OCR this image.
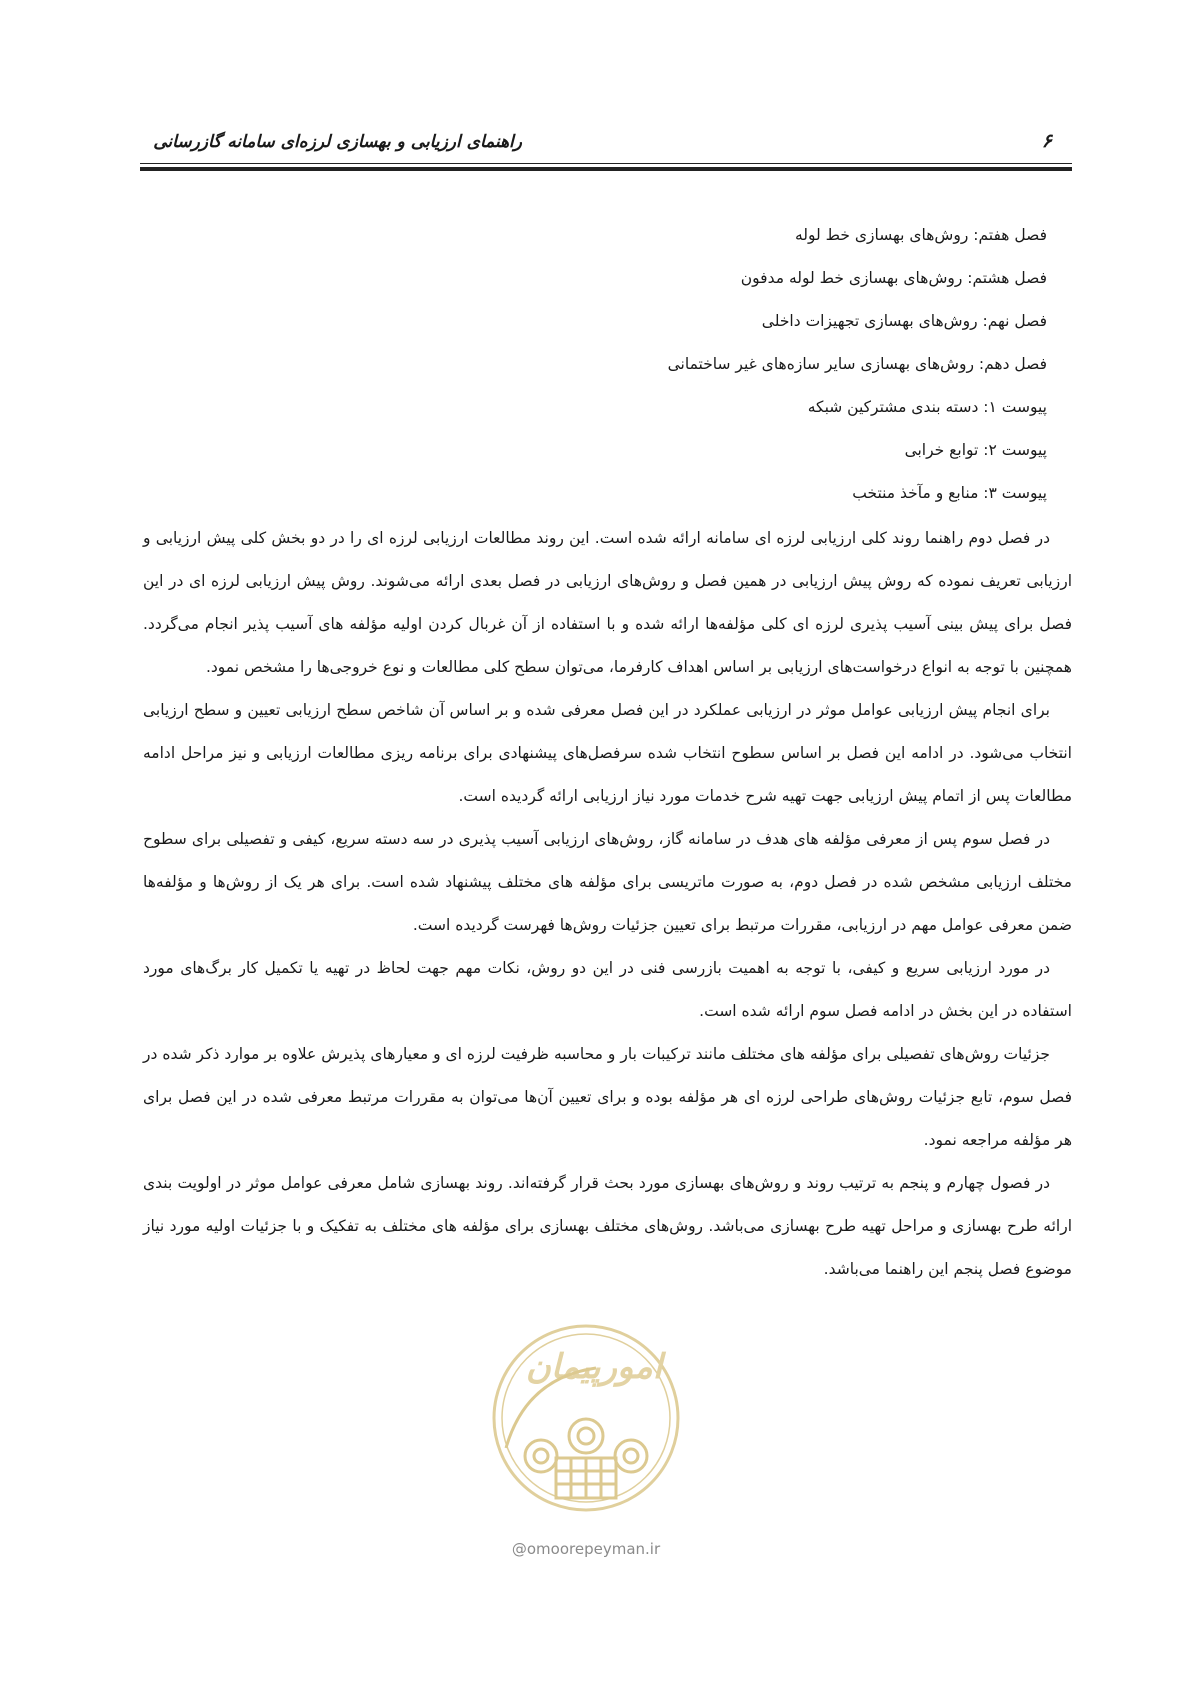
راهنمای ارزیابی و بهسازی لرزه‌ای سامانه گازرسانی	۶
فصل هفتم: روش‌های بهسازی خط لوله
فصل هشتم: روش‌های بهسازی خط لوله مدفون
فصل نهم: روش‌های بهسازی تجهیزات داخلی
فصل دهم: روش‌های بهسازی سایر سازه‌های غیر ساختمانی
پیوست ۱: دسته بندی مشترکین شبکه
پیوست ۲: توابع خرابی
پیوست ۳: منابع و مآخذ منتخب

در فصل دوم راهنما روند کلی ارزیابی لرزه ای سامانه ارائه شده است. این روند مطالعات ارزیابی لرزه ای را در دو بخش کلی پیش ارزیابی و ارزیابی تعریف نموده که روش پیش ارزیابی در همین فصل و روش‌های ارزیابی در فصل بعدی ارائه می‌شوند. روش پیش ارزیابی لرزه ای در این فصل برای پیش بینی آسیب پذیری لرزه ای کلی مؤلفه‌ها ارائه شده و با استفاده از آن غربال کردن اولیه مؤلفه های آسیب پذیر انجام می‌گردد. همچنین با توجه به انواع درخواست‌های ارزیابی بر اساس اهداف کارفرما، می‌توان سطح کلی مطالعات و نوع خروجی‌ها را مشخص نمود.

برای انجام پیش ارزیابی عوامل موثر در ارزیابی عملکرد در این فصل معرفی شده و بر اساس آن شاخص سطح ارزیابی تعیین و سطح ارزیابی انتخاب می‌شود. در ادامه این فصل بر اساس سطوح انتخاب شده سرفصل‌های پیشنهادی برای برنامه ریزی مطالعات ارزیابی و نیز مراحل ادامه مطالعات پس از اتمام پیش ارزیابی جهت تهیه شرح خدمات مورد نیاز ارزیابی ارائه گردیده است.

در فصل سوم پس از معرفی مؤلفه های هدف در سامانه گاز، روش‌های ارزیابی آسیب پذیری در سه دسته سریع، کیفی و تفصیلی برای سطوح مختلف ارزیابی مشخص شده در فصل دوم، به صورت ماتریسی برای مؤلفه های مختلف پیشنهاد شده است. برای هر یک از روش‌ها و مؤلفه‌ها ضمن معرفی عوامل مهم در ارزیابی، مقررات مرتبط برای تعیین جزئیات روش‌ها فهرست گردیده است.

در مورد ارزیابی سریع و کیفی، با توجه به اهمیت بازرسی فنی در این دو روش، نکات مهم جهت لحاظ در تهیه یا تکمیل کار برگ‌های مورد استفاده در این بخش در ادامه فصل سوم ارائه شده است.

جزئیات روش‌های تفصیلی برای مؤلفه های مختلف مانند ترکیبات بار و محاسبه ظرفیت لرزه ای و معیارهای پذیرش علاوه بر موارد ذکر شده در فصل سوم، تابع جزئیات روش‌های طراحی لرزه ای هر مؤلفه بوده و برای تعیین آن‌ها می‌توان به مقررات مرتبط معرفی شده در این فصل برای هر مؤلفه مراجعه نمود.

در فصول چهارم و پنجم به ترتیب روند و روش‌های بهسازی مورد بحث قرار گرفته‌اند. روند بهسازی شامل معرفی عوامل موثر در اولویت بندی ارائه طرح بهسازی و مراحل تهیه طرح بهسازی می‌باشد. روش‌های مختلف بهسازی برای مؤلفه های مختلف به تفکیک و با جزئیات اولیه مورد نیاز موضوع فصل پنجم این راهنما می‌باشد.

امورپیمان
@omoorepeyman.ir
